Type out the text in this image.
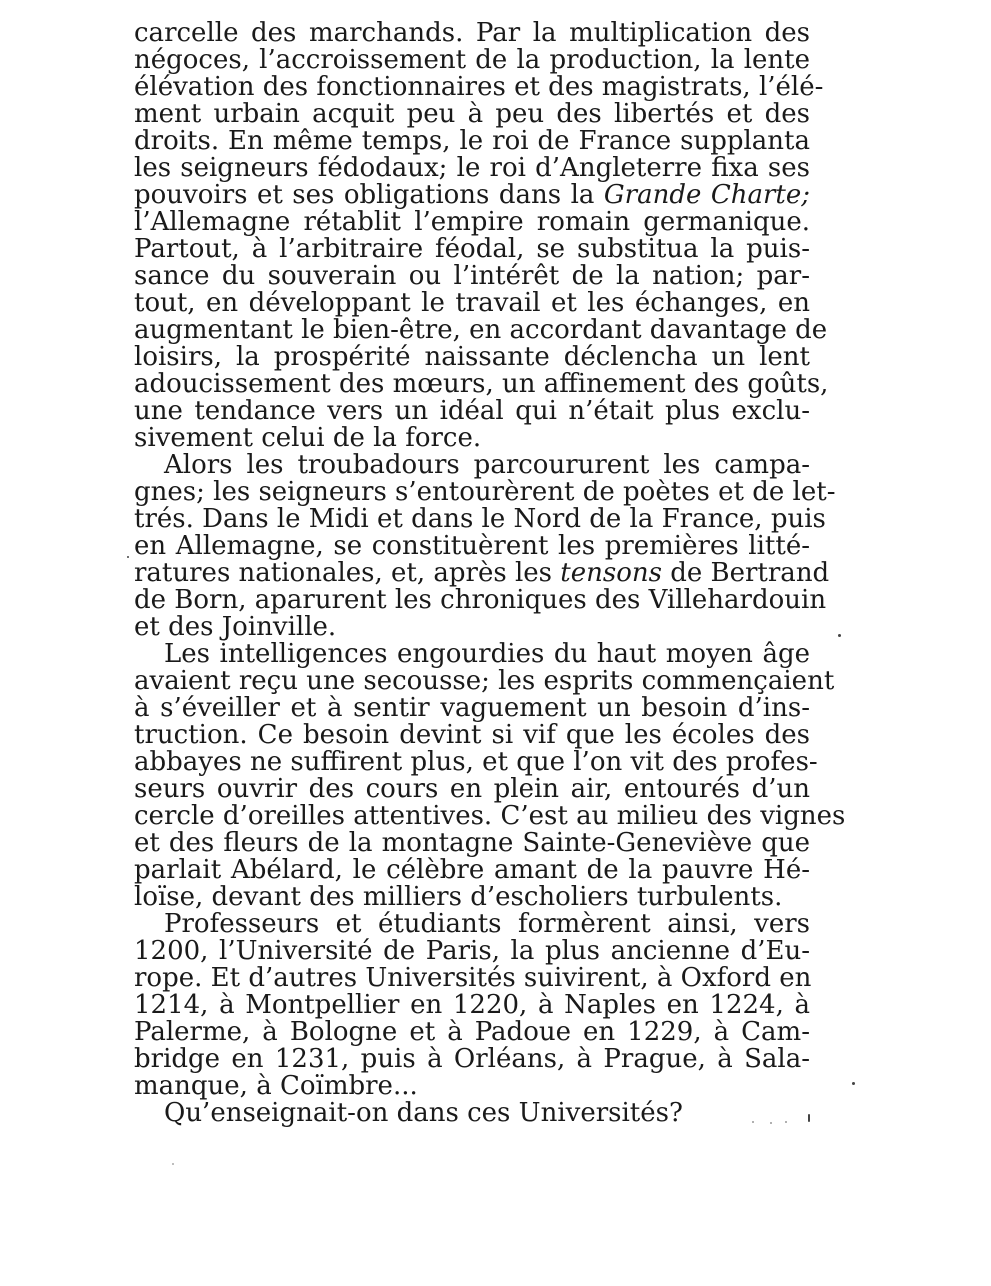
carcelle des marchands. Par la multiplication des
négoces, l’accroissement de la production, la lente
élévation des fonctionnaires et des magistrats, l’élé-
ment urbain acquit peu à peu des libertés et des
droits. En même temps, le roi de France supplanta
les seigneurs fédodaux; le roi d’Angleterre fixa ses
pouvoirs et ses obligations dans la Grande Charte;
l’Allemagne rétablit l’empire romain germanique.
Partout, à l’arbitraire féodal, se substitua la puis-
sance du souverain ou l’intérêt de la nation; par-
tout, en développant le travail et les échanges, en
augmentant le bien-être, en accordant davantage de
loisirs, la prospérité naissante déclencha un lent
adoucissement des mœurs, un affinement des goûts,
une tendance vers un idéal qui n’était plus exclu-
sivement celui de la force.
Alors les troubadours parcoururent les campa-
gnes; les seigneurs s’entourèrent de poètes et de let-
trés. Dans le Midi et dans le Nord de la France, puis
en Allemagne, se constituèrent les premières litté-
ratures nationales, et, après les tensons de Bertrand
de Born, aparurent les chroniques des Villehardouin
et des Joinville.
Les intelligences engourdies du haut moyen âge
avaient reçu une secousse; les esprits commençaient
à s’éveiller et à sentir vaguement un besoin d’ins-
truction. Ce besoin devint si vif que les écoles des
abbayes ne suffirent plus, et que l’on vit des profes-
seurs ouvrir des cours en plein air, entourés d’un
cercle d’oreilles attentives. C’est au milieu des vignes
et des fleurs de la montagne Sainte-Geneviève que
parlait Abélard, le célèbre amant de la pauvre Hé-
loïse, devant des milliers d’escholiers turbulents.
Professeurs et étudiants formèrent ainsi, vers
1200, l’Université de Paris, la plus ancienne d’Eu-
rope. Et d’autres Universités suivirent, à Oxford en
1214, à Montpellier en 1220, à Naples en 1224, à
Palerme, à Bologne et à Padoue en 1229, à Cam-
bridge en 1231, puis à Orléans, à Prague, à Sala-
manque, à Coïmbre...
Qu’enseignait-on dans ces Universités?
